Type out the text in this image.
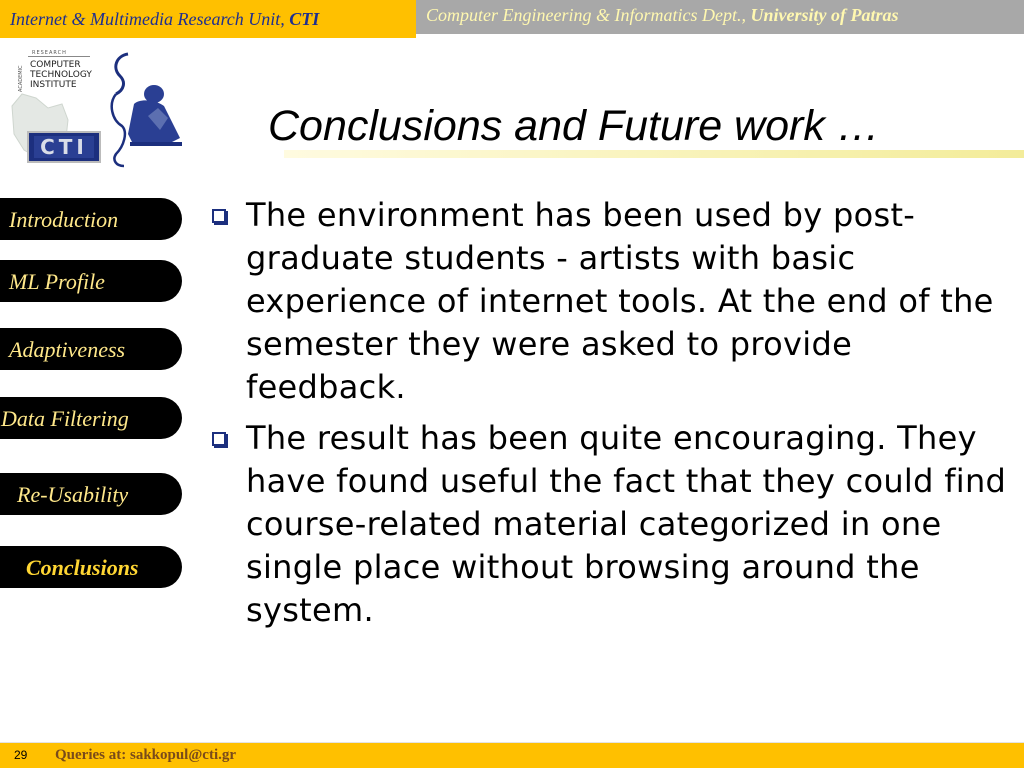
Internet & Multimedia Research Unit, CTI	Computer Engineering & Informatics Dept., University of Patras
ACADEMIC
RESEARCH
COMPUTER
TECHNOLOGY
INSTITUTE
CTI	Conclusions and Future work …
Introduction
ML Profile
Adaptiveness
Data Filtering
Re-Usability
Conclusions
The environment has been used by post-graduate students - artists with basic experience of internet tools. At the end of the semester they were asked to provide feedback.
The result has been quite encouraging. They have found useful the fact that they could find course-related material categorized in one single place without browsing around the system.
29 Queries at: sakkopul@cti.gr
